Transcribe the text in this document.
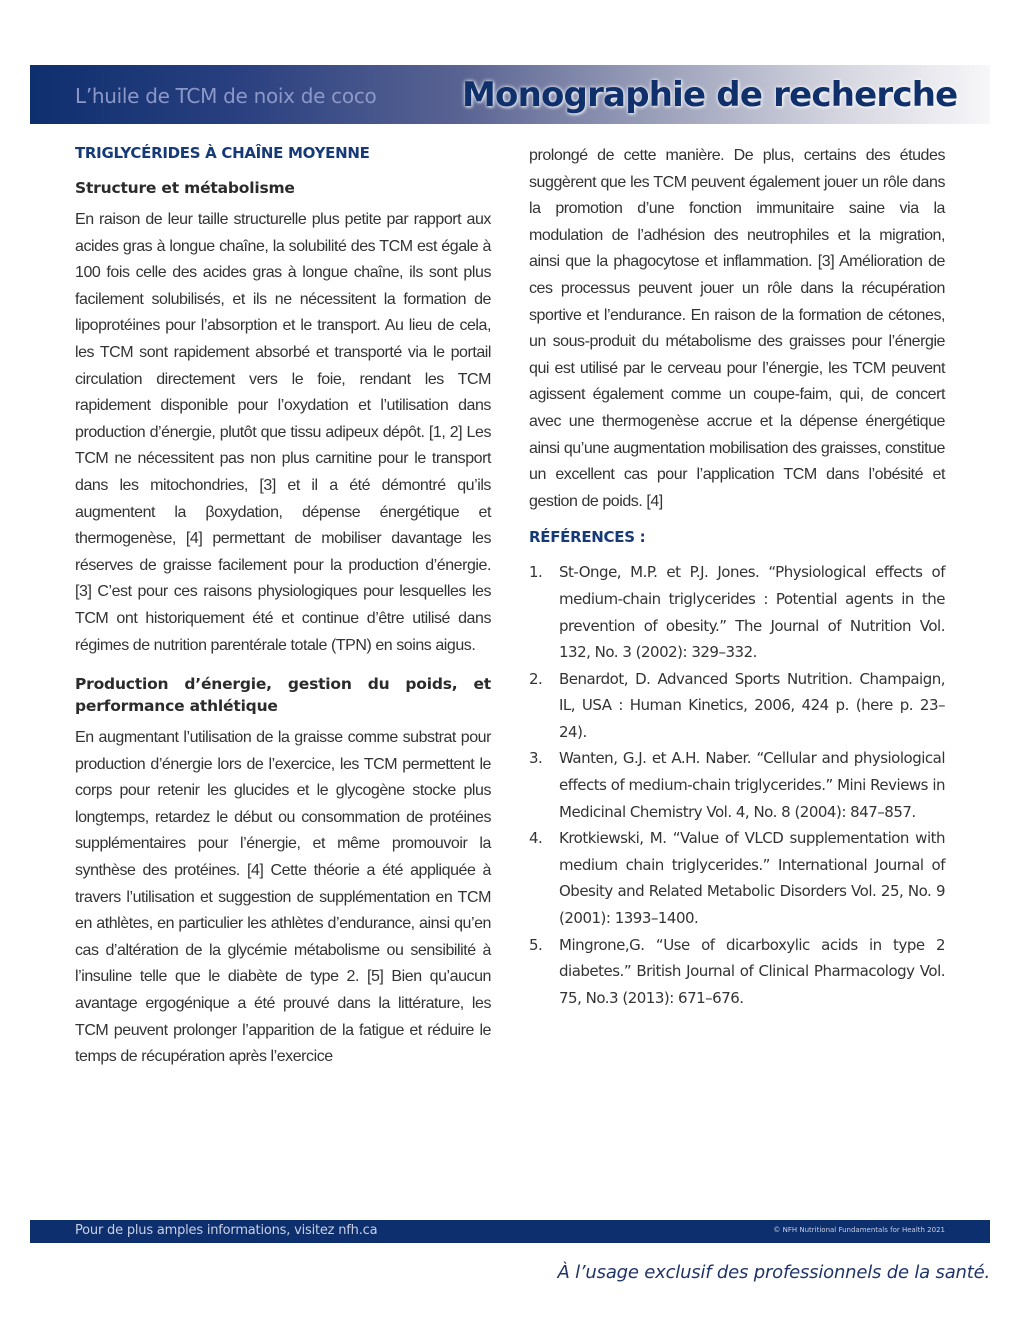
L’huile de TCM de noix de coco	Monographie de recherche
TRIGLYCÉRIDES À CHAÎNE MOYENNE
Structure et métabolisme

En raison de leur taille structurelle plus petite par rapport aux acides gras à longue chaîne, la solubilité des TCM est égale à 100 fois celle des acides gras à longue chaîne, ils sont plus facilement solubilisés, et ils ne nécessitent la formation de lipoprotéines pour l’absorption et le transport. Au lieu de cela, les TCM sont rapidement absorbé et transporté via le portail circulation directement vers le foie, rendant les TCM rapidement disponible pour l’oxydation et l’utilisation dans production d’énergie, plutôt que tissu adipeux dépôt. [1, 2] Les TCM ne nécessitent pas non plus carnitine pour le transport dans les mitochondries, [3] et il a été démontré qu’ils augmentent la βoxydation, dépense énergétique et thermogenèse, [4] permettant de mobiliser davantage les réserves de graisse facilement pour la production d’énergie. [3] C’est pour ces raisons physiologiques pour lesquelles les TCM ont historiquement été et continue d’être utilisé dans régimes de nutrition parentérale totale (TPN) en soins aigus.

Production d’énergie, gestion du poids, et performance athlétique

En augmentant l’utilisation de la graisse comme substrat pour production d’énergie lors de l’exercice, les TCM permettent le corps pour retenir les glucides et le glycogène stocke plus longtemps, retardez le début ou consommation de protéines supplémentaires pour l’énergie, et même promouvoir la synthèse des protéines. [4] Cette théorie a été appliquée à travers l’utilisation et suggestion de supplémentation en TCM en athlètes, en particulier les athlètes d’endurance, ainsi qu’en cas d’altération de la glycémie métabolisme ou sensibilité à l’insuline telle que le diabète de type 2. [5] Bien qu’aucun avantage ergogénique a été prouvé dans la littérature, les TCM peuvent prolonger l’apparition de la fatigue et réduire le temps de récupération après l’exercice

prolongé de cette manière. De plus, certains des études suggèrent que les TCM peuvent également jouer un rôle dans la promotion d’une fonction immunitaire saine via la modulation de l’adhésion des neutrophiles et la migration, ainsi que la phagocytose et inflammation. [3] Amélioration de ces processus peuvent jouer un rôle dans la récupération sportive et l’endurance. En raison de la formation de cétones, un sous-produit du métabolisme des graisses pour l’énergie qui est utilisé par le cerveau pour l’énergie, les TCM peuvent agissent également comme un coupe-faim, qui, de concert avec une thermogenèse accrue et la dépense énergétique ainsi qu’une augmentation mobilisation des graisses, constitue un excellent cas pour l’application TCM dans l’obésité et gestion de poids. [4]

RÉFÉRENCES :
1. St-Onge, M.P. et P.J. Jones. “Physiological effects of medium-chain triglycerides : Potential agents in the prevention of obesity.” The Journal of Nutrition Vol. 132, No. 3 (2002): 329–332.
2. Benardot, D. Advanced Sports Nutrition. Champaign, IL, USA : Human Kinetics, 2006, 424 p. (here p. 23–24).
3. Wanten, G.J. et A.H. Naber. “Cellular and physiological effects of medium-chain triglycerides.” Mini Reviews in Medicinal Chemistry Vol. 4, No. 8 (2004): 847–857.
4. Krotkiewski, M. “Value of VLCD supplementation with medium chain triglycerides.” International Journal of Obesity and Related Metabolic Disorders Vol. 25, No. 9 (2001): 1393–1400.
5. Mingrone,G. “Use of dicarboxylic acids in type 2 diabetes.” British Journal of Clinical Pharmacology Vol. 75, No.3 (2013): 671–676.
Pour de plus amples informations, visitez nfh.ca	© NFH Nutritional Fundamentals for Health 2021
À l’usage exclusif des professionnels de la santé.
